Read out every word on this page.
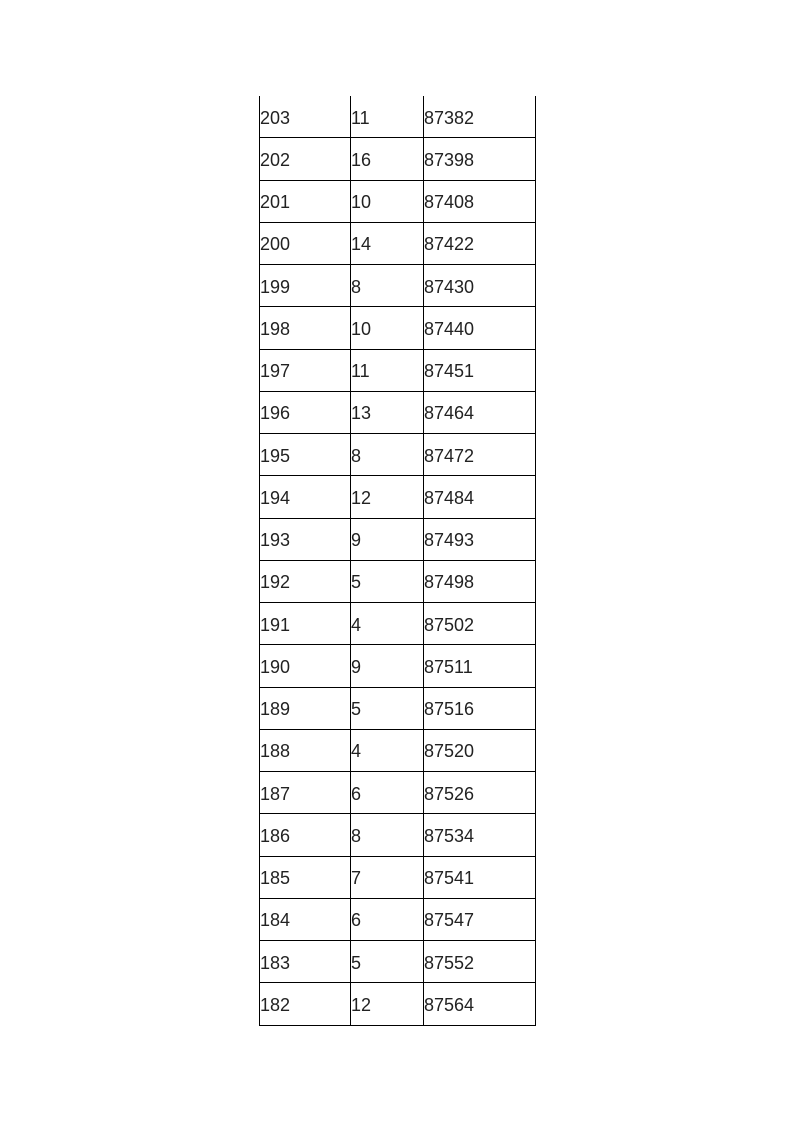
203	11	87382
202	16	87398
201	10	87408
200	14	87422
199	8	87430
198	10	87440
197	11	87451
196	13	87464
195	8	87472
194	12	87484
193	9	87493
192	5	87498
191	4	87502
190	9	87511
189	5	87516
188	4	87520
187	6	87526
186	8	87534
185	7	87541
184	6	87547
183	5	87552
182	12	87564
